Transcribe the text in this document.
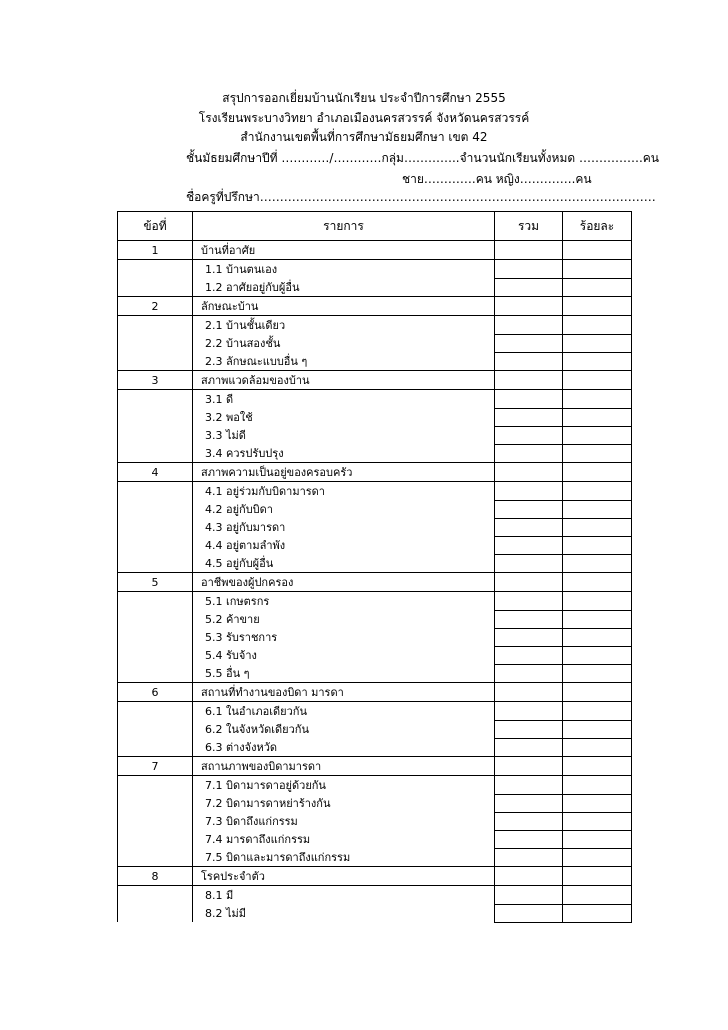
สรุปการออกเยี่ยมบ้านนักเรียน ประจำปีการศึกษา 2555
โรงเรียนพระบางวิทยา อำเภอเมืองนครสวรรค์ จังหวัดนครสวรรค์
สำนักงานเขตพื้นที่การศึกษามัธยมศึกษา เขต 42
ชั้นมัธยมศึกษาปีที่ …………/…………กลุ่ม…………..จำนวนนักเรียนทั้งหมด …………….คน
ชาย………….คน หญิง…………..คน
ชื่อครูที่ปรึกษา………………………………………………………………………………………
ข้อที่	รายการ	รวม	ร้อยละ
1	บ้านที่อาศัย		
	1.1 บ้านตนเอง		
	1.2 อาศัยอยู่กับผู้อื่น		
2	ลักษณะบ้าน		
	2.1 บ้านชั้นเดียว		
	2.2 บ้านสองชั้น		
	2.3 ลักษณะแบบอื่น ๆ		
3	สภาพแวดล้อมของบ้าน		
	3.1 ดี		
	3.2 พอใช้		
	3.3 ไม่ดี		
	3.4 ควรปรับปรุง		
4	สภาพความเป็นอยู่ของครอบครัว		
	4.1 อยู่ร่วมกับบิดามารดา		
	4.2 อยู่กับบิดา		
	4.3 อยู่กับมารดา		
	4.4 อยู่ตามลำพัง		
	4.5 อยู่กับผู้อื่น		
5	อาชีพของผู้ปกครอง		
	5.1 เกษตรกร		
	5.2 ค้าขาย		
	5.3 รับราชการ		
	5.4 รับจ้าง		
	5.5 อื่น ๆ		
6	สถานที่ทำงานของบิดา มารดา		
	6.1 ในอำเภอเดียวกัน		
	6.2 ในจังหวัดเดียวกัน		
	6.3 ต่างจังหวัด		
7	สถานภาพของบิดามารดา		
	7.1 บิดามารดาอยู่ด้วยกัน		
	7.2 บิดามารดาหย่าร้างกัน		
	7.3 บิดาถึงแก่กรรม		
	7.4 มารดาถึงแก่กรรม		
	7.5 บิดาและมารดาถึงแก่กรรม		
8	โรคประจำตัว		
	8.1 มี		
	8.2 ไม่มี		
